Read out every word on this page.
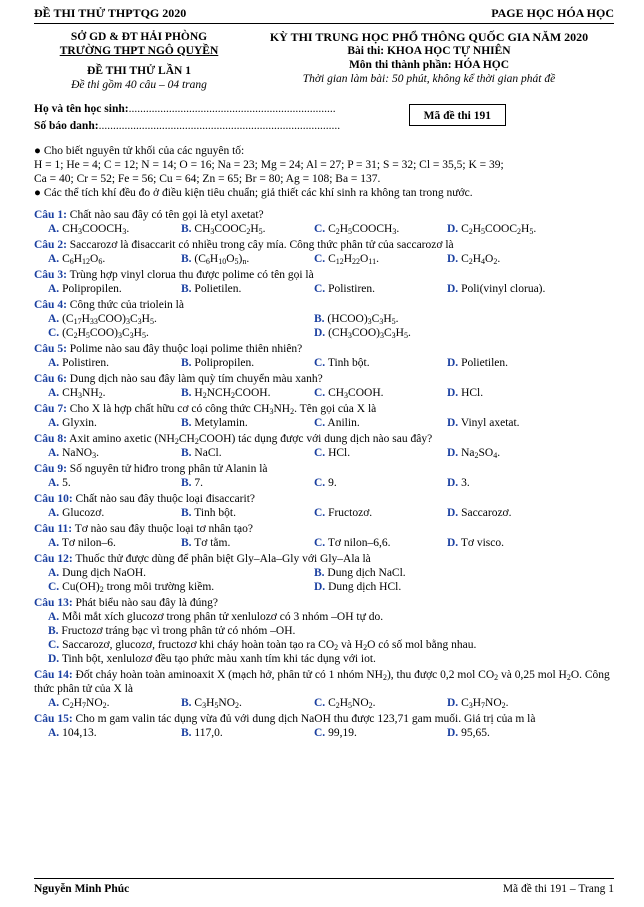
ĐỀ THI THỬ THPTQG 2020	PAGE HỌC HÓA HỌC
SỞ GD & ĐT HẢI PHÒNG
TRƯỜNG THPT NGÔ QUYỀN
ĐỀ THI THỬ LẦN 1
Đề thi gồm 40 câu – 04 trang
KỲ THI TRUNG HỌC PHỔ THÔNG QUỐC GIA NĂM 2020
Bài thi: KHOA HỌC TỰ NHIÊN
Môn thi thành phần: HÓA HỌC
Thời gian làm bài: 50 phút, không kể thời gian phát đề
Họ và tên học sinh:........................................................................
Số báo danh:....................................................................................
Mã đề thi 191

● Cho biết nguyên tử khối của các nguyên tố:

H = 1; He = 4; C = 12; N = 14; O = 16; Na = 23; Mg = 24; Al = 27; P = 31; S = 32; Cl = 35,5; K = 39;

Ca = 40; Cr = 52; Fe = 56; Cu = 64; Zn = 65; Br = 80; Ag = 108; Ba = 137.

● Các thể tích khí đều đo ở điều kiện tiêu chuẩn; giả thiết các khí sinh ra không tan trong nước.

Câu 1: Chất nào sau đây có tên gọi là etyl axetat?
A. $CH_3COOCH_3$.	B. $CH_3COOC_2H_5$.	C. $C_2H_5COOCH_3$.	D. $C_2H_5COOC_2H_5$.
Câu 2: Saccarozơ là đisaccarit có nhiều trong cây mía. Công thức phân tử của saccarozơ là
A. $C_6H_{12}O_6$.	B. $(C_6H_{10}O_5)_n$.	C. $C_{12}H_{22}O_{11}$.	D. $C_2H_4O_2$.
Câu 3: Trùng hợp vinyl clorua thu được polime có tên gọi là
A. Polipropilen.	B. Polietilen.	C. Polistiren.	D. Poli(vinyl clorua).
Câu 4: Công thức của triolein là
A. $(C_{17}H_{33}COO)_3C_3H_5$.	B. $(HCOO)_3C_3H_5$.
C. $(C_2H_5COO)_3C_3H_5$.	D. $(CH_3COO)_3C_3H_5$.
Câu 5: Polime nào sau đây thuộc loại polime thiên nhiên?
A. Polistiren.	B. Polipropilen.	C. Tinh bột.	D. Polietilen.
Câu 6: Dung dịch nào sau đây làm quỳ tím chuyển màu xanh?
A. $CH_3NH_2$.	B. $H_2NCH_2COOH$.	C. $CH_3COOH$.	D. HCl.
Câu 7: Cho X là hợp chất hữu cơ có công thức $CH_3NH_2$. Tên gọi của X là
A. Glyxin.	B. Metylamin.	C. Anilin.	D. Vinyl axetat.
Câu 8: Axit amino axetic $(NH_2CH_2COOH)$ tác dụng được với dung dịch nào sau đây?
A. NaNO$_3$.	B. NaCl.	C. HCl.	D. $Na_2SO_4$.
Câu 9: Số nguyên tử hiđro trong phân tử Alanin là
A. 5.	B. 7.	C. 9.	D. 3.
Câu 10: Chất nào sau đây thuộc loại đisaccarit?
A. Glucozơ.	B. Tinh bột.	C. Fructozơ.	D. Saccarozơ.
Câu 11: Tơ nào sau đây thuộc loại tơ nhân tạo?
A. Tơ nilon–6.	B. Tơ tằm.	C. Tơ nilon–6,6.	D. Tơ visco.
Câu 12: Thuốc thử được dùng để phân biệt Gly–Ala–Gly với Gly–Ala là
A. Dung dịch NaOH.	B. Dung dịch NaCl.
C. $Cu(OH)_2$ trong môi trường kiềm.	D. Dung dịch HCl.
Câu 13: Phát biểu nào sau đây là đúng?
A. Mỗi mắt xích glucozơ trong phân tử xenlulozơ có 3 nhóm –OH tự do.
B. Fructozơ tráng bạc vì trong phân tử có nhóm –OH.
C. Saccarozơ, glucozơ, fructozơ khi cháy hoàn toàn tạo ra $CO_2$ và $H_2O$ có số mol bằng nhau.
D. Tinh bột, xenlulozơ đều tạo phức màu xanh tím khi tác dụng với iot.
Câu 14: Đốt cháy hoàn toàn aminoaxit X (mạch hở, phân tử có 1 nhóm $NH_2$), thu được 0,2 mol $CO_2$ và 0,25 mol $H_2O$. Công thức phân tử của X là
A. $C_2H_7NO_2$.	B. $C_3H_5NO_2$.	C. $C_2H_5NO_2$.	D. $C_3H_7NO_2$.
Câu 15: Cho m gam valin tác dụng vừa đủ với dung dịch NaOH thu được 123,71 gam muối. Giá trị của m là
A. 104,13.	B. 117,0.	C. 99,19.	D. 95,65.
Nguyễn Minh Phúc	Mã đề thi 191 – Trang 1
